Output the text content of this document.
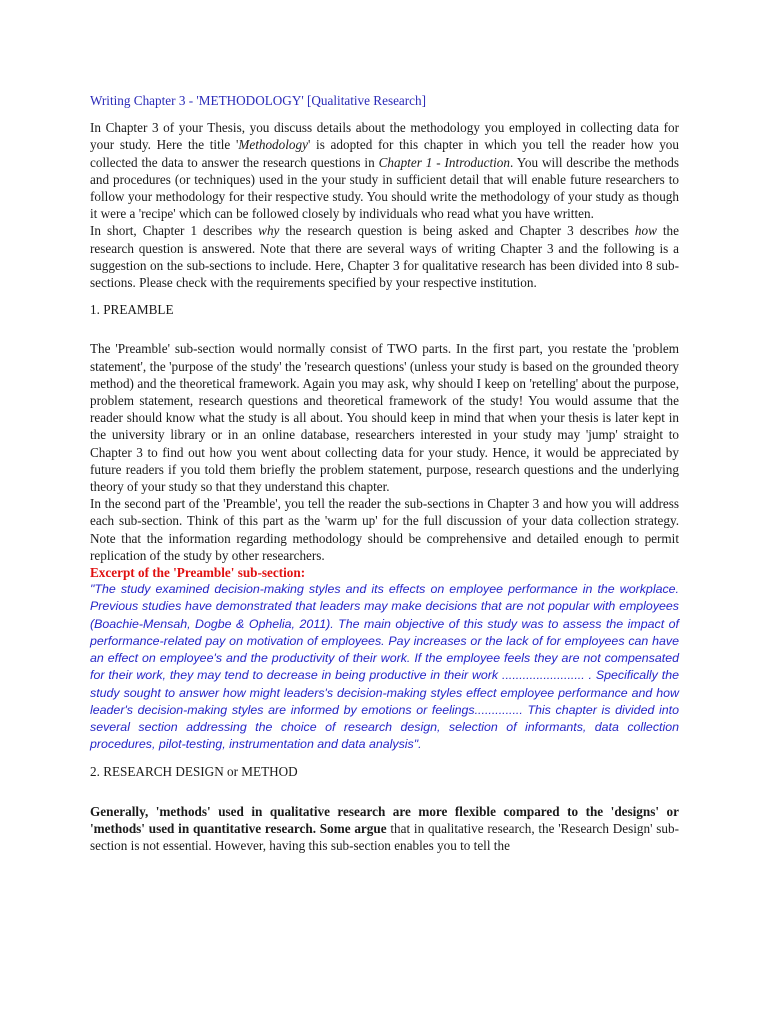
Writing Chapter 3 - 'METHODOLOGY' [Qualitative Research]

In Chapter 3 of your Thesis, you discuss details about the methodology you employed in collecting data for your study. Here the title 'Methodology' is adopted for this chapter in which you tell the reader how you collected the data to answer the research questions in Chapter 1 - Introduction. You will describe the methods and procedures (or techniques) used in the your study in sufficient detail that will enable future researchers to follow your methodology for their respective study. You should write the methodology of your study as though it were a 'recipe' which can be followed closely by individuals who read what you have written.

In short, Chapter 1 describes why the research question is being asked and Chapter 3 describes how the research question is answered. Note that there are several ways of writing Chapter 3 and the following is a suggestion on the sub-sections to include. Here, Chapter 3 for qualitative research has been divided into 8 sub-sections. Please check with the requirements specified by your respective institution.

1. PREAMBLE

The 'Preamble' sub-section would normally consist of TWO parts. In the first part, you restate the 'problem statement', the 'purpose of the study' the 'research questions' (unless your study is based on the grounded theory method) and the theoretical framework. Again you may ask, why should I keep on 'retelling' about the purpose, problem statement, research questions and theoretical framework of the study! You would assume that the reader should know what the study is all about. You should keep in mind that when your thesis is later kept in the university library or in an online database, researchers interested in your study may 'jump' straight to Chapter 3 to find out how you went about collecting data for your study. Hence, it would be appreciated by future readers if you told them briefly the problem statement, purpose, research questions and the underlying theory of your study so that they understand this chapter.

In the second part of the 'Preamble', you tell the reader the sub-sections in Chapter 3 and how you will address each sub-section. Think of this part as the 'warm up' for the full discussion of your data collection strategy. Note that the information regarding methodology should be comprehensive and detailed enough to permit replication of the study by other researchers.

Excerpt of the 'Preamble' sub-section:

"The study examined decision-making styles and its effects on employee performance in the workplace. Previous studies have demonstrated that leaders may make decisions that are not popular with employees (Boachie-Mensah, Dogbe & Ophelia, 2011). The main objective of this study was to assess the impact of performance-related pay on motivation of employees. Pay increases or the lack of for employees can have an effect on employee's and the productivity of their work. If the employee feels they are not compensated for their work, they may tend to decrease in being productive in their work ........................ . Specifically the study sought to answer how might leaders's decision-making styles effect employee performance and how leader's decision-making styles are informed by emotions or feelings.............. This chapter is divided into several section addressing the choice of research design, selection of informants, data collection procedures, pilot-testing, instrumentation and data analysis".

2. RESEARCH DESIGN or METHOD

Generally, 'methods' used in qualitative research are more flexible compared to the 'designs' or 'methods' used in quantitative research. Some argue that in qualitative research, the 'Research Design' sub-section is not essential. However, having this sub-section enables you to tell the
